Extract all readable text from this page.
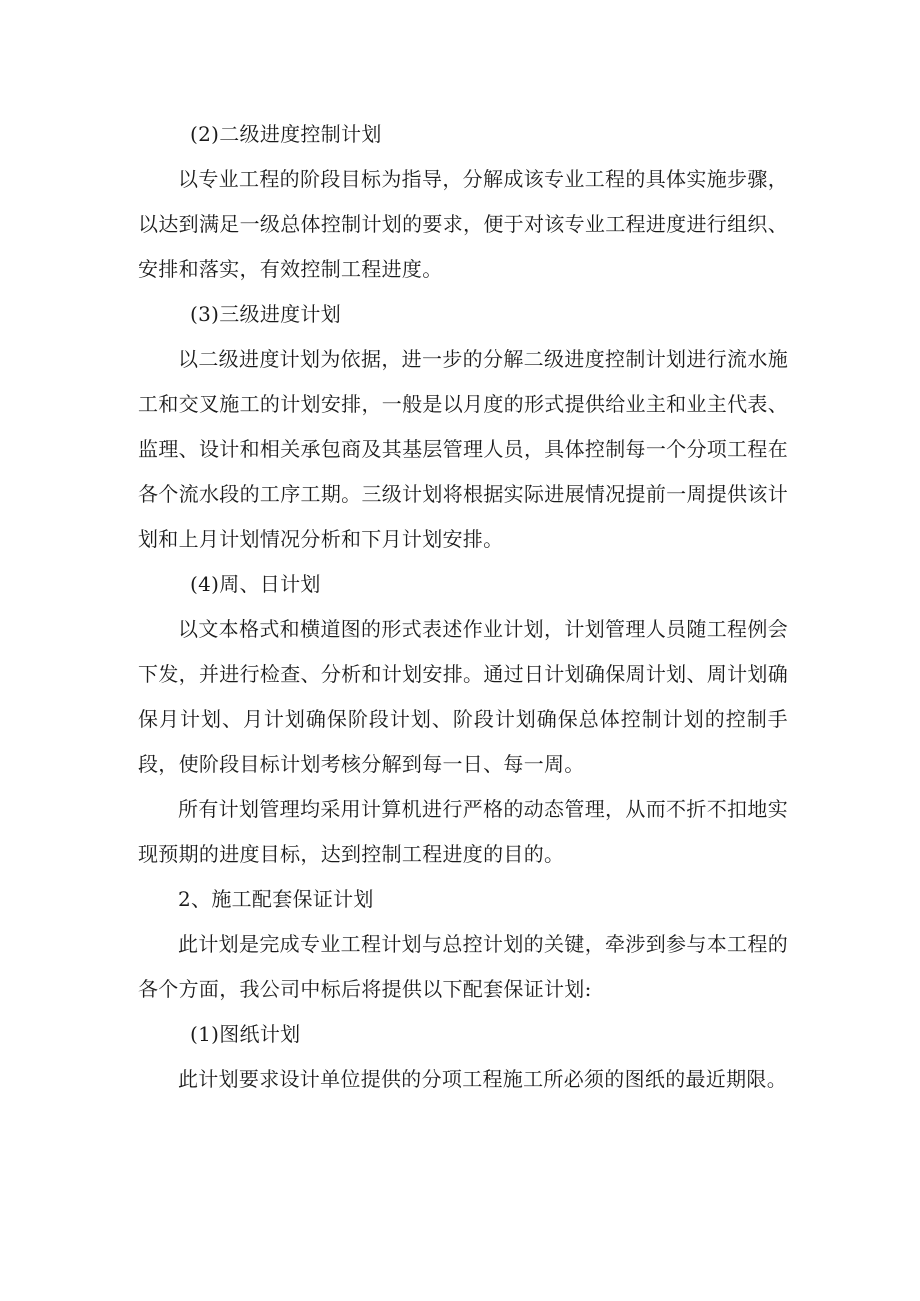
(2)二级进度控制计划

以专业工程的阶段目标为指导，分解成该专业工程的具体实施步骤，以达到满足一级总体控制计划的要求，便于对该专业工程进度进行组织、安排和落实，有效控制工程进度。

(3)三级进度计划

以二级进度计划为依据，进一步的分解二级进度控制计划进行流水施工和交叉施工的计划安排，一般是以月度的形式提供给业主和业主代表、监理、设计和相关承包商及其基层管理人员，具体控制每一个分项工程在各个流水段的工序工期。三级计划将根据实际进展情况提前一周提供该计划和上月计划情况分析和下月计划安排。

(4)周、日计划

以文本格式和横道图的形式表述作业计划，计划管理人员随工程例会下发，并进行检查、分析和计划安排。通过日计划确保周计划、周计划确保月计划、月计划确保阶段计划、阶段计划确保总体控制计划的控制手段，使阶段目标计划考核分解到每一日、每一周。

所有计划管理均采用计算机进行严格的动态管理，从而不折不扣地实现预期的进度目标，达到控制工程进度的目的。

2、施工配套保证计划

此计划是完成专业工程计划与总控计划的关键，牵涉到参与本工程的各个方面，我公司中标后将提供以下配套保证计划:

(1)图纸计划

此计划要求设计单位提供的分项工程施工所必须的图纸的最近期限。
